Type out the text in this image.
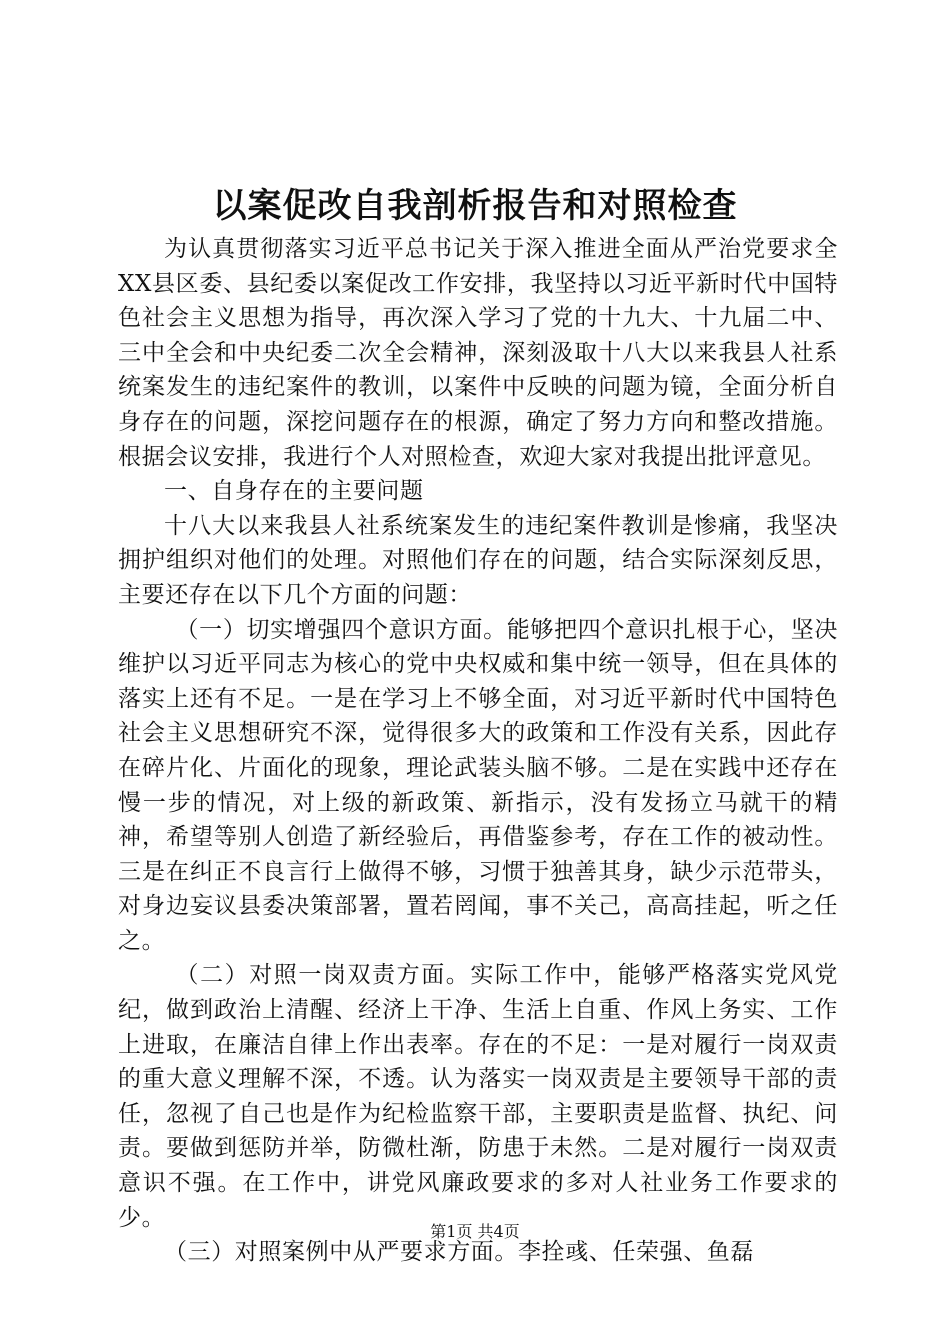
以案促改自我剖析报告和对照检查

为认真贯彻落实习近平总书记关于深入推进全面从严治党要求全XX县区委、县纪委以案促改工作安排，我坚持以习近平新时代中国特色社会主义思想为指导，再次深入学习了党的十九大、十九届二中、三中全会和中央纪委二次全会精神，深刻汲取十八大以来我县人社系统案发生的违纪案件的教训，以案件中反映的问题为镜，全面分析自身存在的问题，深挖问题存在的根源，确定了努力方向和整改措施。根据会议安排，我进行个人对照检查，欢迎大家对我提出批评意见。

一、自身存在的主要问题

十八大以来我县人社系统案发生的违纪案件教训是惨痛，我坚决拥护组织对他们的处理。对照他们存在的问题，结合实际深刻反思，主要还存在以下几个方面的问题：

（一）切实增强四个意识方面。能够把四个意识扎根于心，坚决维护以习近平同志为核心的党中央权威和集中统一领导，但在具体的落实上还有不足。一是在学习上不够全面，对习近平新时代中国特色社会主义思想研究不深，觉得很多大的政策和工作没有关系，因此存在碎片化、片面化的现象，理论武装头脑不够。二是在实践中还存在慢一步的情况，对上级的新政策、新指示，没有发扬立马就干的精神，希望等别人创造了新经验后，再借鉴参考，存在工作的被动性。三是在纠正不良言行上做得不够，习惯于独善其身，缺少示范带头，对身边妄议县委决策部署，置若罔闻，事不关己，高高挂起，听之任之。

（二）对照一岗双责方面。实际工作中，能够严格落实党风党纪，做到政治上清醒、经济上干净、生活上自重、作风上务实、工作上进取，在廉洁自律上作出表率。存在的不足：一是对履行一岗双责的重大意义理解不深，不透。认为落实一岗双责是主要领导干部的责任，忽视了自己也是作为纪检监察干部，主要职责是监督、执纪、问责。要做到惩防并举，防微杜渐，防患于未然。二是对履行一岗双责意识不强。在工作中，讲党风廉政要求的多对人社业务工作要求的少。

（三）对照案例中从严要求方面。李拴彧、任荣强、鱼磊

第1页 共4页
